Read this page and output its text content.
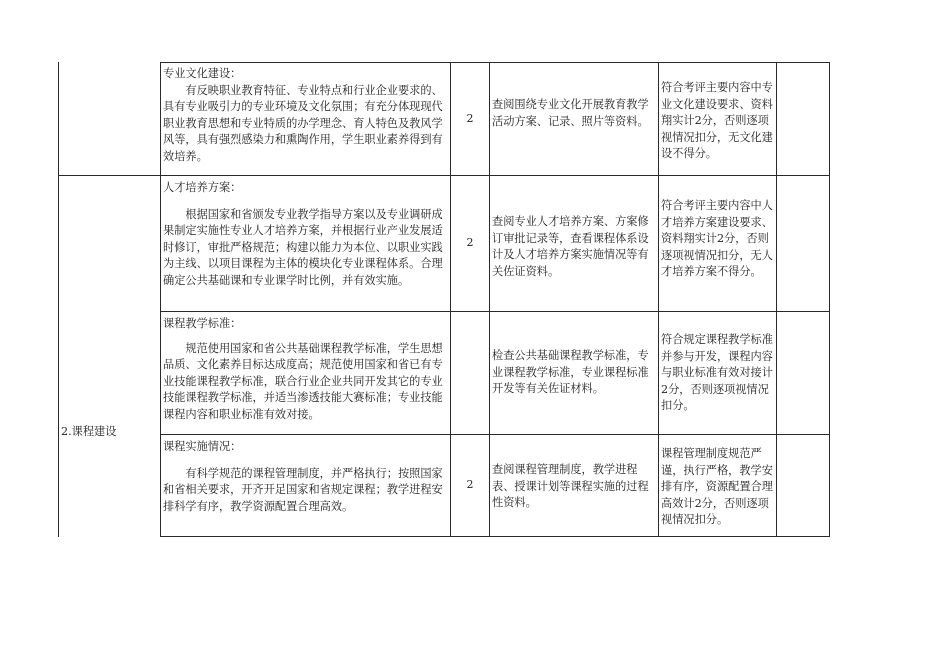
2.课程建设
专业文化建设：
有反映职业教育特征、专业特点和行业企业要求的、具有专业吸引力的专业环境及文化氛围；有充分体现现代职业教育思想和专业特质的办学理念、育人特色及教风学风等，具有强烈感染力和熏陶作用，学生职业素养得到有效培养。
2
查阅围绕专业文化开展教育教学活动方案、记录、照片等资料。
符合考评主要内容中专业文化建设要求、资料翔实计2分，否则逐项视情况扣分，无文化建设不得分。
人才培养方案：
根据国家和省颁发专业教学指导方案以及专业调研成果制定实施性专业人才培养方案，并根据行业产业发展适时修订，审批严格规范；构建以能力为本位、以职业实践为主线、以项目课程为主体的模块化专业课程体系。合理确定公共基础课和专业课学时比例，并有效实施。
2
查阅专业人才培养方案、方案修订审批记录等，查看课程体系设计及人才培养方案实施情况等有关佐证资料。
符合考评主要内容中人才培养方案建设要求、资料翔实计2分，否则逐项视情况扣分，无人才培养方案不得分。
课程教学标准：
规范使用国家和省公共基础课程教学标准，学生思想品质、文化素养目标达成度高；规范使用国家和省已有专业技能课程教学标准，联合行业企业共同开发其它的专业技能课程教学标准，并适当渗透技能大赛标准；专业技能课程内容和职业标准有效对接。
检查公共基础课程教学标准，专业课程教学标准，专业课程标准开发等有关佐证材料。
符合规定课程教学标准并参与开发，课程内容与职业标准有效对接计2分，否则逐项视情况扣分。
课程实施情况：
有科学规范的课程管理制度，并严格执行；按照国家和省相关要求，开齐开足国家和省规定课程；教学进程安排科学有序，教学资源配置合理高效。
2
查阅课程管理制度，教学进程表、授课计划等课程实施的过程性资料。
课程管理制度规范严谨，执行严格，教学安排有序，资源配置合理高效计2分，否则逐项视情况扣分。
